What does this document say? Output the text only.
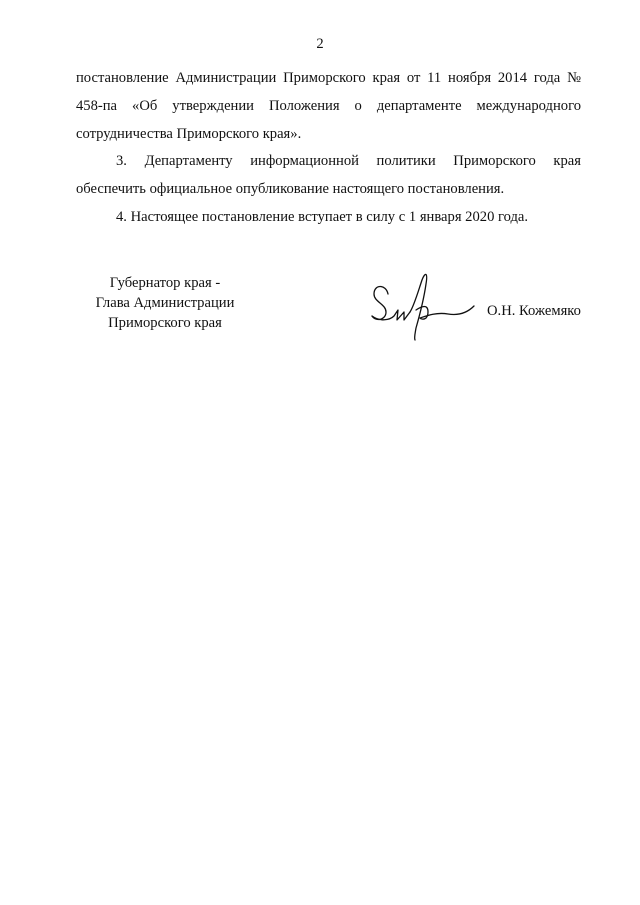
2

постановление Администрации Приморского края от 11 ноября 2014 года № 458-па «Об утверждении Положения о департаменте международного сотрудничества Приморского края».

3. Департаменту информационной политики Приморского края обеспечить официальное опубликование настоящего постановления.

4. Настоящее постановление вступает в силу с 1 января 2020 года.

Губернатор края -
Глава Администрации
Приморского края
О.Н. Кожемяко
